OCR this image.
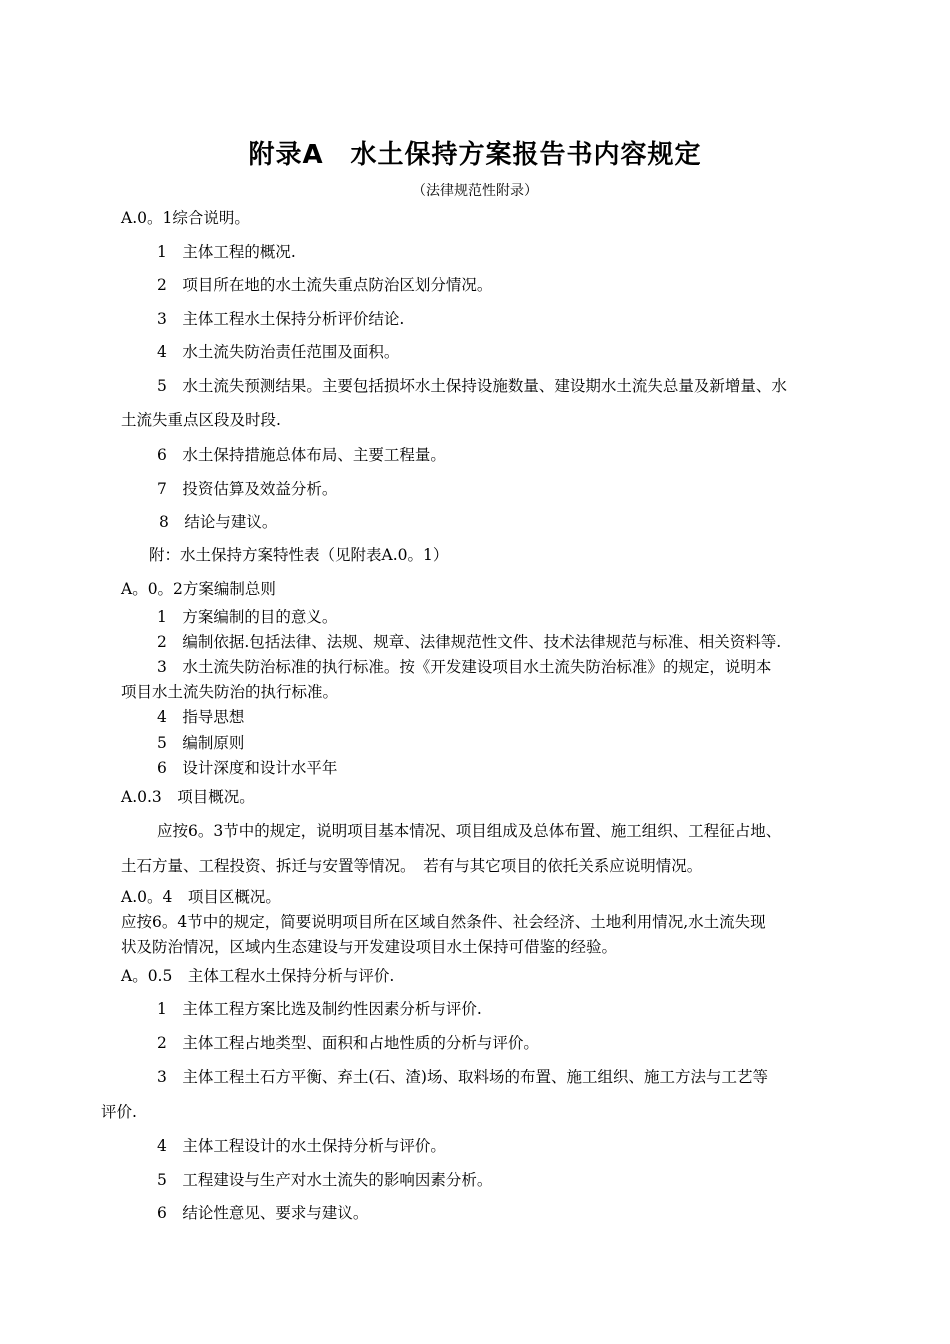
附录A　水土保持方案报告书内容规定
（法律规范性附录）
A.0。1综合说明。
1　主体工程的概况.
2　项目所在地的水土流失重点防治区划分情况。
3　主体工程水土保持分析评价结论.
4　水土流失防治责任范围及面积。
5　水土流失预测结果。主要包括损坏水土保持设施数量、建设期水土流失总量及新增量、水
土流失重点区段及时段.
6　水土保持措施总体布局、主要工程量。
7　投资估算及效益分析。
8　结论与建议。
附：水土保持方案特性表（见附表A.0。1）
A。0。2方案编制总则
1　方案编制的目的意义。
2　编制依据.包括法律、法规、规章、法律规范性文件、技术法律规范与标准、相关资料等.
3　水土流失防治标准的执行标准。按《开发建设项目水土流失防治标准》的规定，说明本
项目水土流失防治的执行标准。
4　指导思想
5　编制原则
6　设计深度和设计水平年
A.0.3　项目概况。
应按6。3节中的规定，说明项目基本情况、项目组成及总体布置、施工组织、工程征占地、
土石方量、工程投资、拆迁与安置等情况。　若有与其它项目的依托关系应说明情况。
A.0。4　项目区概况。
应按6。4节中的规定，简要说明项目所在区域自然条件、社会经济、土地利用情况,水土流失现
状及防治情况，区域内生态建设与开发建设项目水土保持可借鉴的经验。
A。0.5　主体工程水土保持分析与评价.
1　主体工程方案比选及制约性因素分析与评价.
2　主体工程占地类型、面积和占地性质的分析与评价。
3　主体工程土石方平衡、弃土(石、渣)场、取料场的布置、施工组织、施工方法与工艺等
评价.
4　主体工程设计的水土保持分析与评价。
5　工程建设与生产对水土流失的影响因素分析。
6　结论性意见、要求与建议。
